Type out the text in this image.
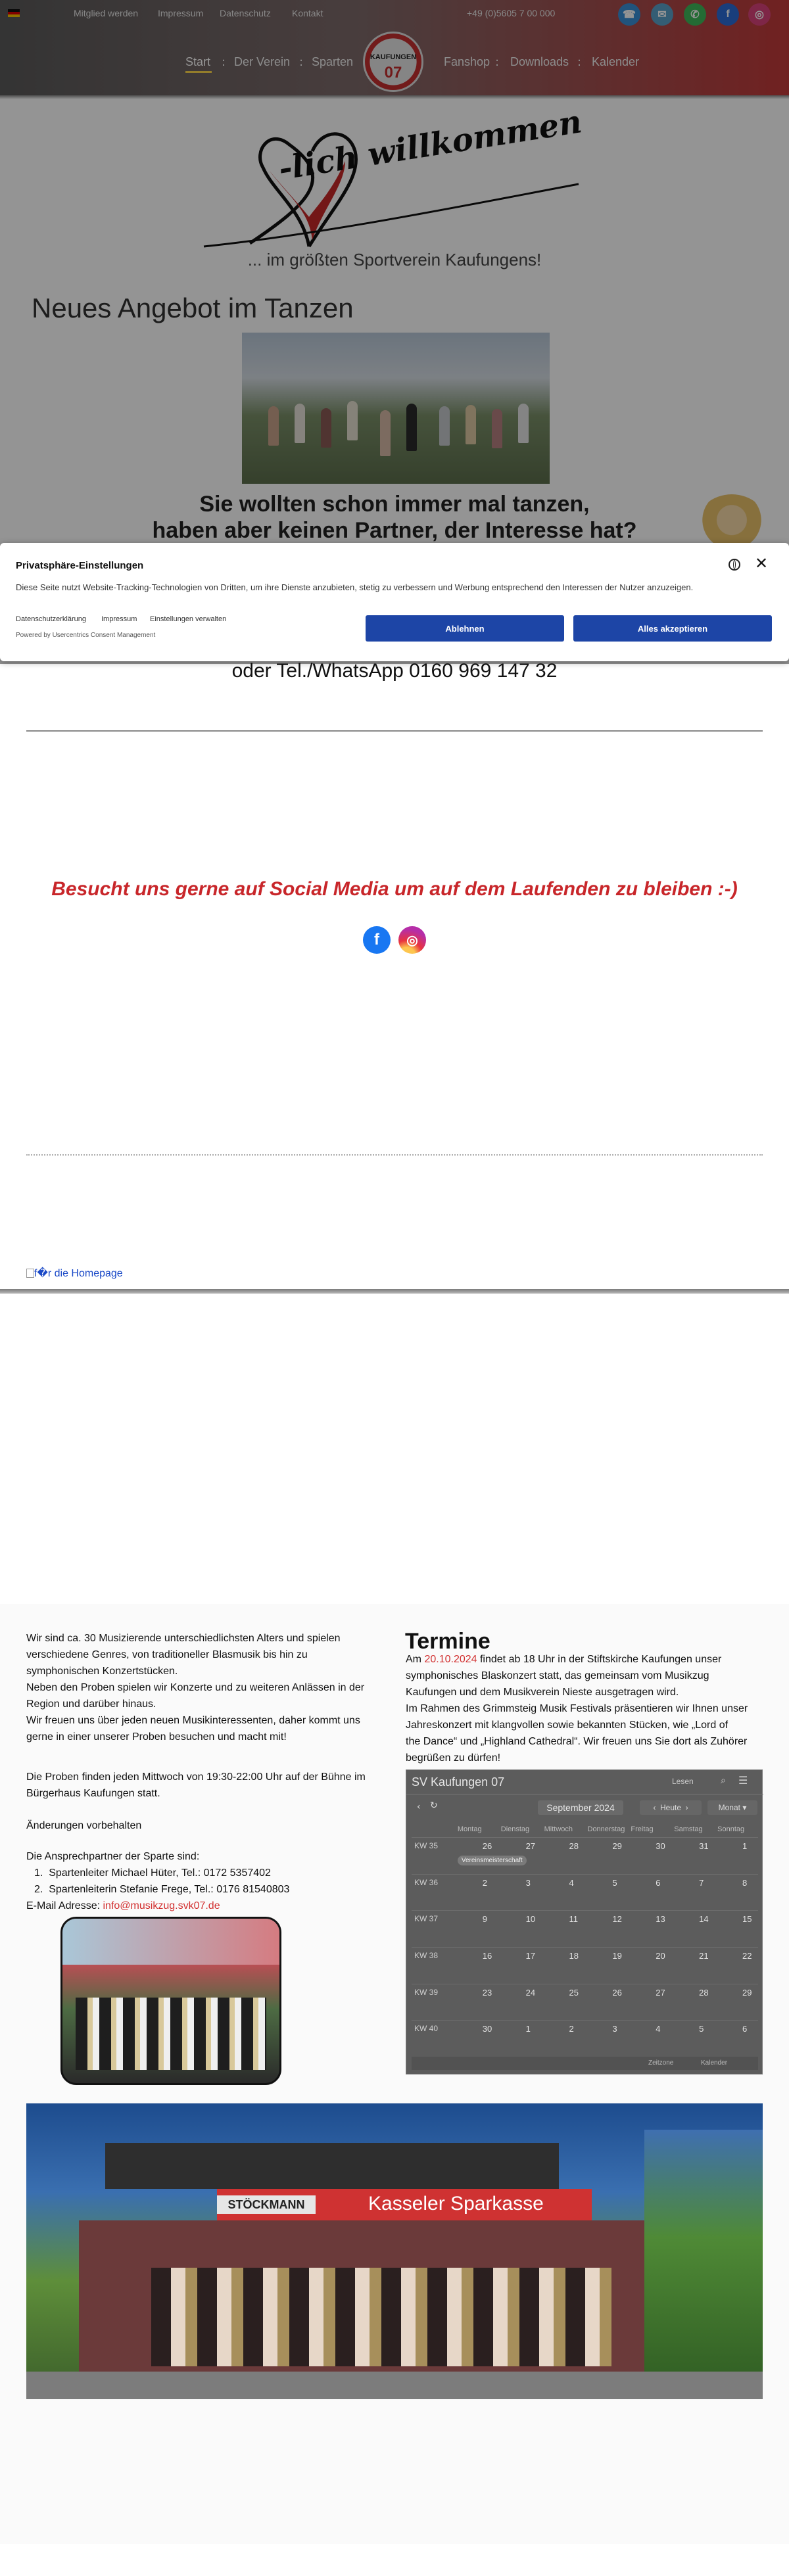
Mitglied werden Impressum Datenschutz Kontakt	+49 (0)5605 7 00 000	☎	✉	✆	f	◎
Start : Der Verein : Sparten	KAUFUNGEN
07
Fanshop : Downloads : Kalender
-lich willkommen
... im größten Sportverein Kaufungens!
Neues Angebot im Tanzen
Sie wollten schon immer mal tanzen,
haben aber keinen Partner, der Interesse hat?
Privatsphäre-Einstellungen	✕
Diese Seite nutzt Website-Tracking-Technologien von Dritten, um ihre Dienste anzubieten, stetig zu verbessern und Werbung entsprechend den Interessen der Nutzer anzuzeigen.
Datenschutzerklärung Impressum Einstellungen verwalten
Powered by Usercentrics Consent Management
Ablehnen	Alles akzeptieren
oder Tel./WhatsApp 0160 969 147 32
Besucht uns gerne auf Social Media um auf dem Laufenden zu bleiben :-)
f	◎
f�r die Homepage
Wir sind ca. 30 Musizierende unterschiedlichsten Alters und spielen verschiedene Genres, von traditioneller Blasmusik bis hin zu symphonischen Konzertstücken.
Neben den Proben spielen wir Konzerte und zu weiteren Anlässen in der Region und darüber hinaus.
Wir freuen uns über jeden neuen Musikinteressenten, daher kommt uns gerne in einer unserer Proben besuchen und macht mit!
Die Proben finden jeden Mittwoch von 19:30-22:00 Uhr auf der Bühne im Bürgerhaus Kaufungen statt.
Änderungen vorbehalten
Die Ansprechpartner der Sparte sind:
1.  Spartenleiter Michael Hüter, Tel.: 0172 5357402
2.  Spartenleiterin Stefanie Frege, Tel.: 0176 81540803
E-Mail Adresse: info@musikzug.svk07.de
Termine
Am 20.10.2024 findet ab 18 Uhr in der Stiftskirche Kaufungen unser
symphonisches Blaskonzert statt, das gemeinsam vom Musikzug
Kaufungen und dem Musikverein Nieste ausgetragen wird.
Im Rahmen des Grimmsteig Musik Festivals präsentieren wir Ihnen unser
Jahreskonzert mit klangvollen sowie bekannten Stücken, wie „Lord of
the Dance“ und „Highland Cathedral“. Wir freuen uns Sie dort als Zuhörer
begrüßen zu dürfen!
SV Kaufungen 07	Lesen	⌕ ☰
‹ ↻	September 2024	‹  Heute  ›	Monat ▾
Montag	Dienstag Mittwoch Donnerstag Freitag	Samstag Sonntag
KW 35	26	27	28	29	30	31	1
KW 36	2	3	4	5	6	7	8
KW 37	9	10	11	12	13	14	15
KW 38	16	17	18	19	20	21	22
KW 39	23	24	25	26	27	28	29
KW 40	30	1	2	3	4	5	6
Vereinsmeisterschaft
Zeitzone	Kalender
STÖCKMANN	Kasseler Sparkasse
